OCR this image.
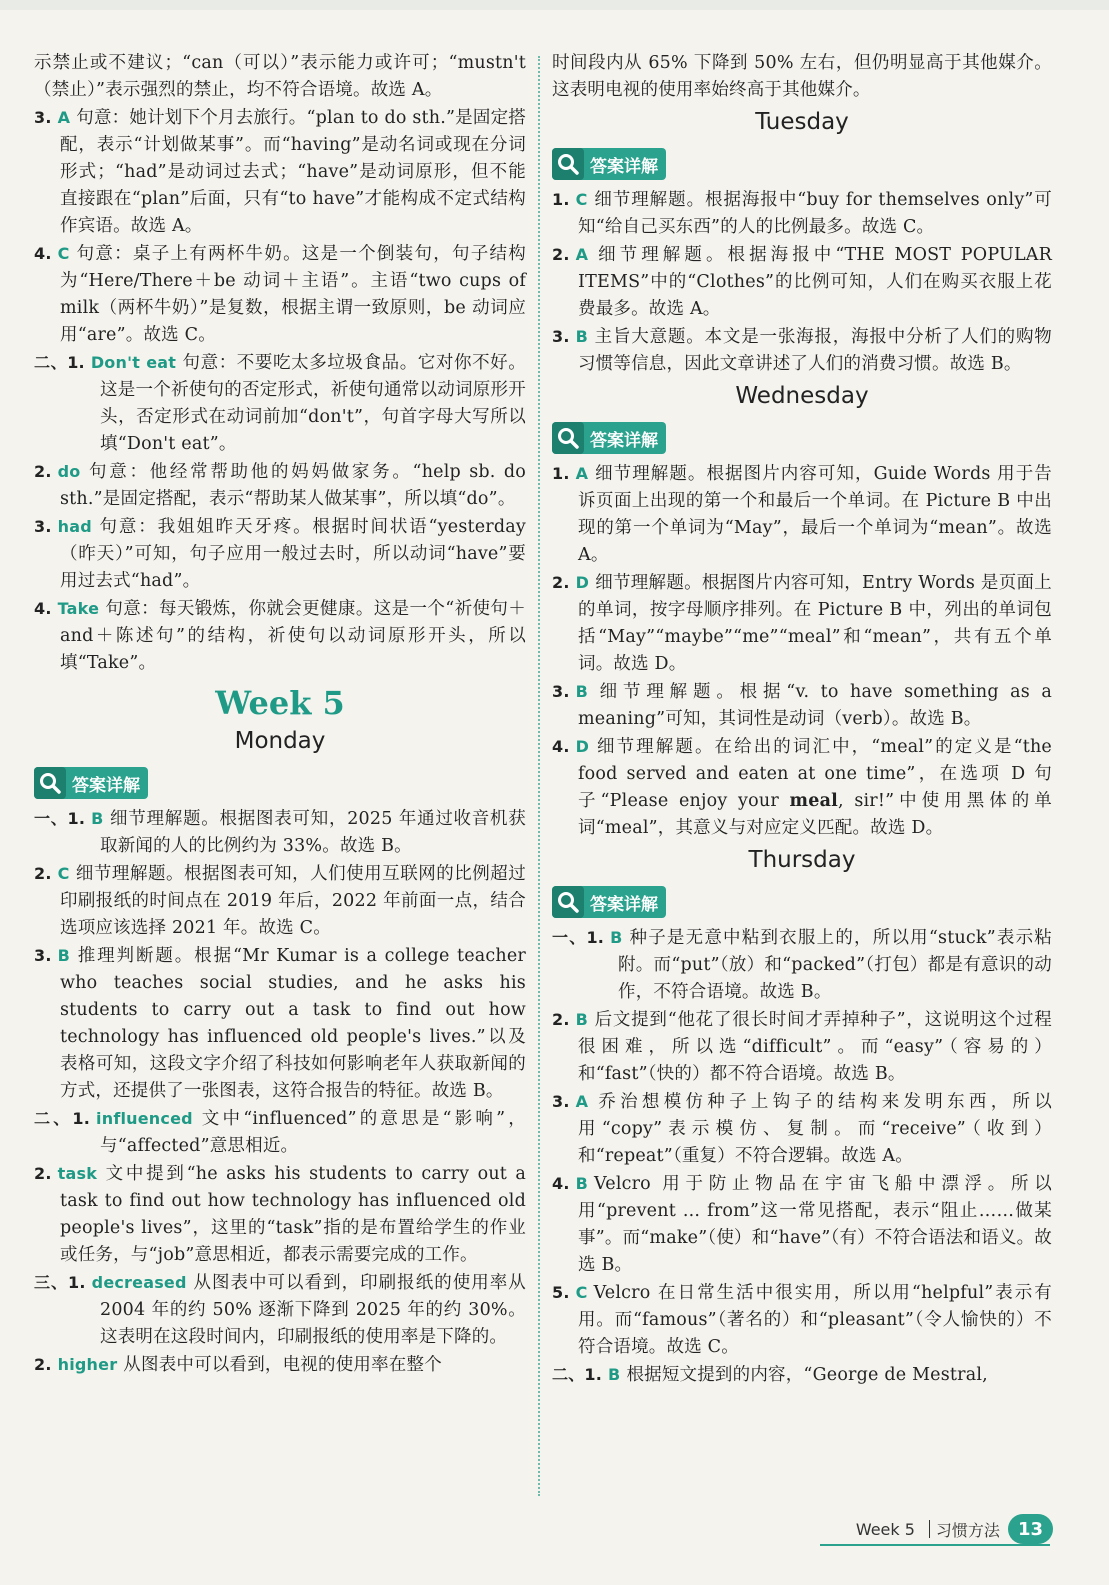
示禁止或不建议；“can（可以）”表示能力或许可；“mustn't（禁止）”表示强烈的禁止，均不符合语境。故选 A。
3. A 句意：她计划下个月去旅行。“plan to do sth.”是固定搭配，表示“计划做某事”。而“having”是动名词或现在分词形式；“had”是动词过去式；“have”是动词原形，但不能直接跟在“plan”后面，只有“to have”才能构成不定式结构作宾语。故选 A。
4. C 句意：桌子上有两杯牛奶。这是一个倒装句，句子结构为“Here/There＋be 动词＋主语”。主语“two cups of milk（两杯牛奶）”是复数，根据主谓一致原则，be 动词应用“are”。故选 C。
二、1. Don't eat 句意：不要吃太多垃圾食品。它对你不好。这是一个祈使句的否定形式，祈使句通常以动词原形开头，否定形式在动词前加“don't”，句首字母大写所以填“Don't eat”。
2. do 句意：他经常帮助他的妈妈做家务。“help sb. do sth.”是固定搭配，表示“帮助某人做某事”，所以填“do”。
3. had 句意：我姐姐昨天牙疼。根据时间状语“yesterday（昨天）”可知，句子应用一般过去时，所以动词“have”要用过去式“had”。
4. Take 句意：每天锻炼，你就会更健康。这是一个“祈使句＋and＋陈述句”的结构，祈使句以动词原形开头，所以填“Take”。
Week 5
Monday
答案详解
一、1. B 细节理解题。根据图表可知，2025 年通过收音机获取新闻的人的比例约为 33%。故选 B。
2. C 细节理解题。根据图表可知，人们使用互联网的比例超过印刷报纸的时间点在 2019 年后，2022 年前面一点，结合选项应该选择 2021 年。故选 C。
3. B 推理判断题。根据“Mr Kumar is a college teacher who teaches social studies, and he asks his students to carry out a task to find out how technology has influenced old people's lives.”以及表格可知，这段文字介绍了科技如何影响老年人获取新闻的方式，还提供了一张图表，这符合报告的特征。故选 B。
二、1. influenced 文中“influenced”的意思是“影响”，与“affected”意思相近。
2. task 文中提到“he asks his students to carry out a task to find out how technology has influenced old people's lives”，这里的“task”指的是布置给学生的作业或任务，与“job”意思相近，都表示需要完成的工作。
三、1. decreased 从图表中可以看到，印刷报纸的使用率从 2004 年的约 50% 逐渐下降到 2025 年的约 30%。这表明在这段时间内，印刷报纸的使用率是下降的。
2. higher 从图表中可以看到，电视的使用率在整个
时间段内从 65% 下降到 50% 左右，但仍明显高于其他媒介。这表明电视的使用率始终高于其他媒介。
Tuesday
答案详解
1. C 细节理解题。根据海报中“buy for themselves only”可知“给自己买东西”的人的比例最多。故选 C。
2. A 细节理解题。根据海报中“THE MOST POPULAR ITEMS”中的“Clothes”的比例可知，人们在购买衣服上花费最多。故选 A。
3. B 主旨大意题。本文是一张海报，海报中分析了人们的购物习惯等信息，因此文章讲述了人们的消费习惯。故选 B。
Wednesday
答案详解
1. A 细节理解题。根据图片内容可知，Guide Words 用于告诉页面上出现的第一个和最后一个单词。在 Picture B 中出现的第一个单词为“May”，最后一个单词为“mean”。故选 A。
2. D 细节理解题。根据图片内容可知，Entry Words 是页面上的单词，按字母顺序排列。在 Picture B 中，列出的单词包括“May”“maybe”“me”“meal”和“mean”，共有五个单词。故选 D。
3. B 细节理解题。根据“v. to have something as a meaning”可知，其词性是动词（verb）。故选 B。
4. D 细节理解题。在给出的词汇中，“meal”的定义是“the food served and eaten at one time”，在选项 D 句子“Please enjoy your meal, sir!”中使用黑体的单词“meal”，其意义与对应定义匹配。故选 D。
Thursday
答案详解
一、1. B 种子是无意中粘到衣服上的，所以用“stuck”表示粘附。而“put”（放）和“packed”（打包）都是有意识的动作，不符合语境。故选 B。
2. B 后文提到“他花了很长时间才弄掉种子”，这说明这个过程很困难，所以选“difficult”。而“easy”（容易的）和“fast”（快的）都不符合语境。故选 B。
3. A 乔治想模仿种子上钩子的结构来发明东西，所以用“copy”表示模仿、复制。而“receive”（收到）和“repeat”（重复）不符合逻辑。故选 A。
4. B Velcro 用于防止物品在宇宙飞船中漂浮。所以用“prevent ... from”这一常见搭配，表示“阻止……做某事”。而“make”（使）和“have”（有）不符合语法和语义。故选 B。
5. C Velcro 在日常生活中很实用，所以用“helpful”表示有用。而“famous”（著名的）和“pleasant”（令人愉快的）不符合语境。故选 C。
二、1. B 根据短文提到的内容，“George de Mestral,
Week 5 习惯方法	13
